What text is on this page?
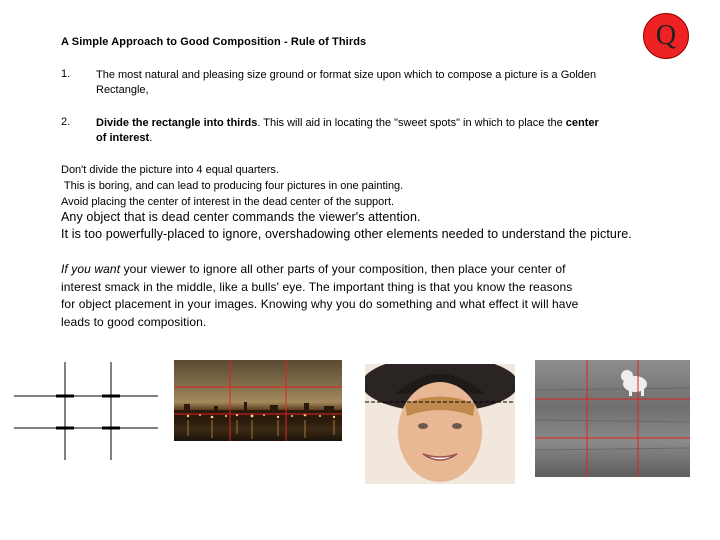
A Simple Approach to Good Composition - Rule of Thirds	Q
1. The most natural and pleasing size ground or format size upon which to compose a picture is a Golden
Rectangle,
2. Divide the rectangle into thirds. This will aid in locating the "sweet spots" in which to place the center
of interest.
Don't divide the picture into 4 equal quarters.
This is boring, and can lead to producing four pictures in one painting.
Avoid placing the center of interest in the dead center of the support.
Any object that is dead center commands the viewer's attention.
It is too powerfully-placed to ignore, overshadowing other elements needed to understand the picture.
If you want your viewer to ignore all other parts of your composition, then place your center of
interest smack in the middle, like a bulls' eye. The important thing is that you know the reasons
for object placement in your images. Knowing why you do something and what effect it will have
leads to good composition.
